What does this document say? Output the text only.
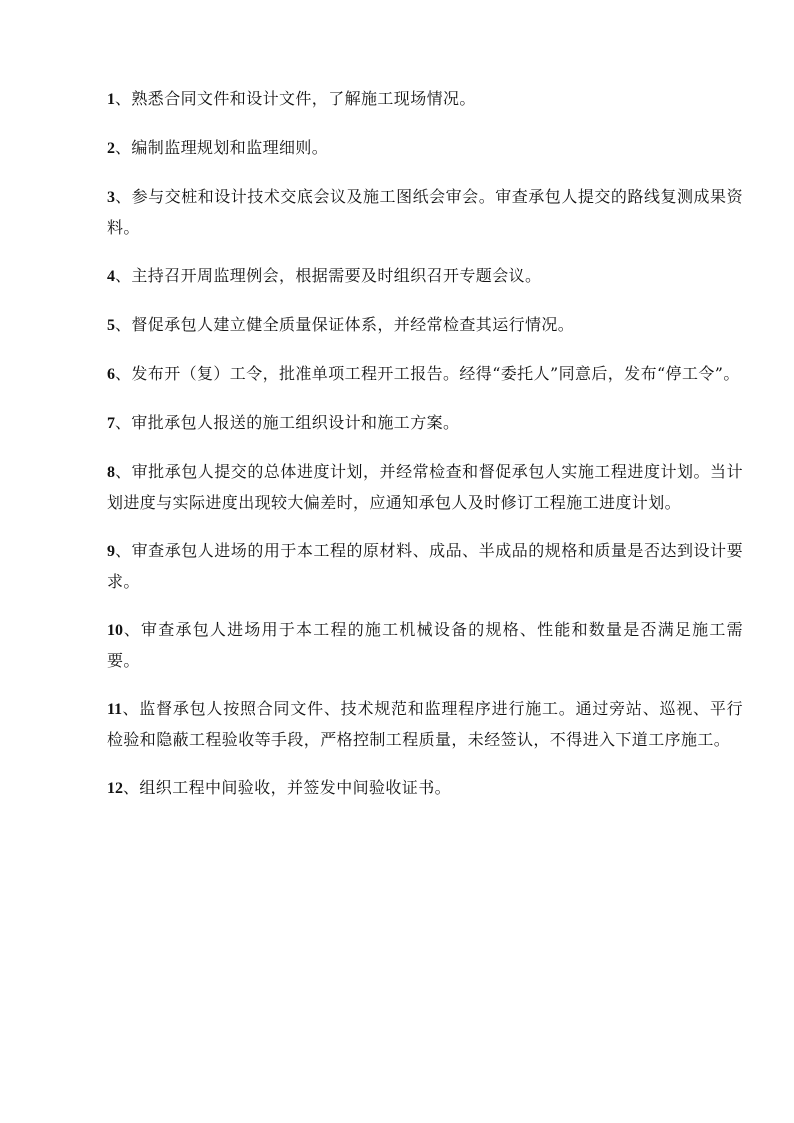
1、熟悉合同文件和设计文件，了解施工现场情况。

2、编制监理规划和监理细则。

3、参与交桩和设计技术交底会议及施工图纸会审会。审查承包人提交的路线复测成果资料。

4、主持召开周监理例会，根据需要及时组织召开专题会议。

5、督促承包人建立健全质量保证体系，并经常检查其运行情况。

6、发布开（复）工令，批准单项工程开工报告。经得“委托人”同意后，发布“停工令”。

7、审批承包人报送的施工组织设计和施工方案。

8、审批承包人提交的总体进度计划，并经常检查和督促承包人实施工程进度计划。当计划进度与实际进度出现较大偏差时，应通知承包人及时修订工程施工进度计划。

9、审查承包人进场的用于本工程的原材料、成品、半成品的规格和质量是否达到设计要求。

10、审查承包人进场用于本工程的施工机械设备的规格、性能和数量是否满足施工需要。

11、监督承包人按照合同文件、技术规范和监理程序进行施工。通过旁站、巡视、平行检验和隐蔽工程验收等手段，严格控制工程质量，未经签认，不得进入下道工序施工。

12、组织工程中间验收，并签发中间验收证书。
